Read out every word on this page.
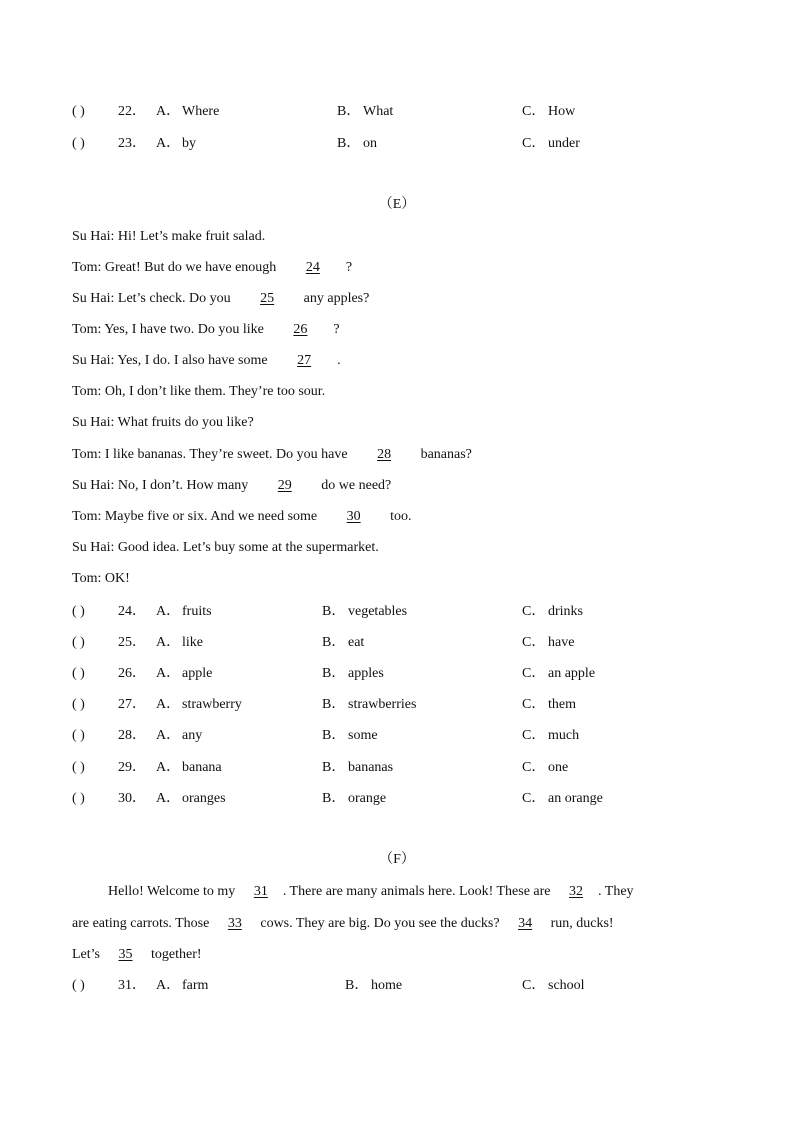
( ) 22． A． Where	B． What	C． How
( ) 23． A． by	B． on	C． under
（E）
Su Hai: Hi! Let’s make fruit salad.
Tom: Great! But do we have enough 24 ?
Su Hai: Let’s check. Do you 25 any apples?
Tom: Yes, I have two. Do you like 26 ?
Su Hai: Yes, I do. I also have some 27 .
Tom: Oh, I don’t like them. They’re too sour.
Su Hai: What fruits do you like?
Tom: I like bananas. They’re sweet. Do you have 28 bananas?
Su Hai: No, I don’t. How many 29 do we need?
Tom: Maybe five or six. And we need some 30 too.
Su Hai: Good idea. Let’s buy some at the supermarket.
Tom: OK!
( ) 24． A． fruits	B． vegetables	C． drinks
( ) 25． A． like	B． eat	C． have
( ) 26． A． apple	B． apples	C． an apple
( ) 27． A． strawberry	B． strawberries	C． them
( ) 28． A． any	B． some	C． much
( ) 29． A． banana	B． bananas	C． one
( ) 30． A． oranges	B． orange	C． an orange
（F）
Hello! Welcome to my 31 . There are many animals here. Look! These are 32 . They
are eating carrots. Those 33 cows. They are big. Do you see the ducks? 34 run, ducks!
Let’s 35 together!
( ) 31． A． farm	B． home	C． school
